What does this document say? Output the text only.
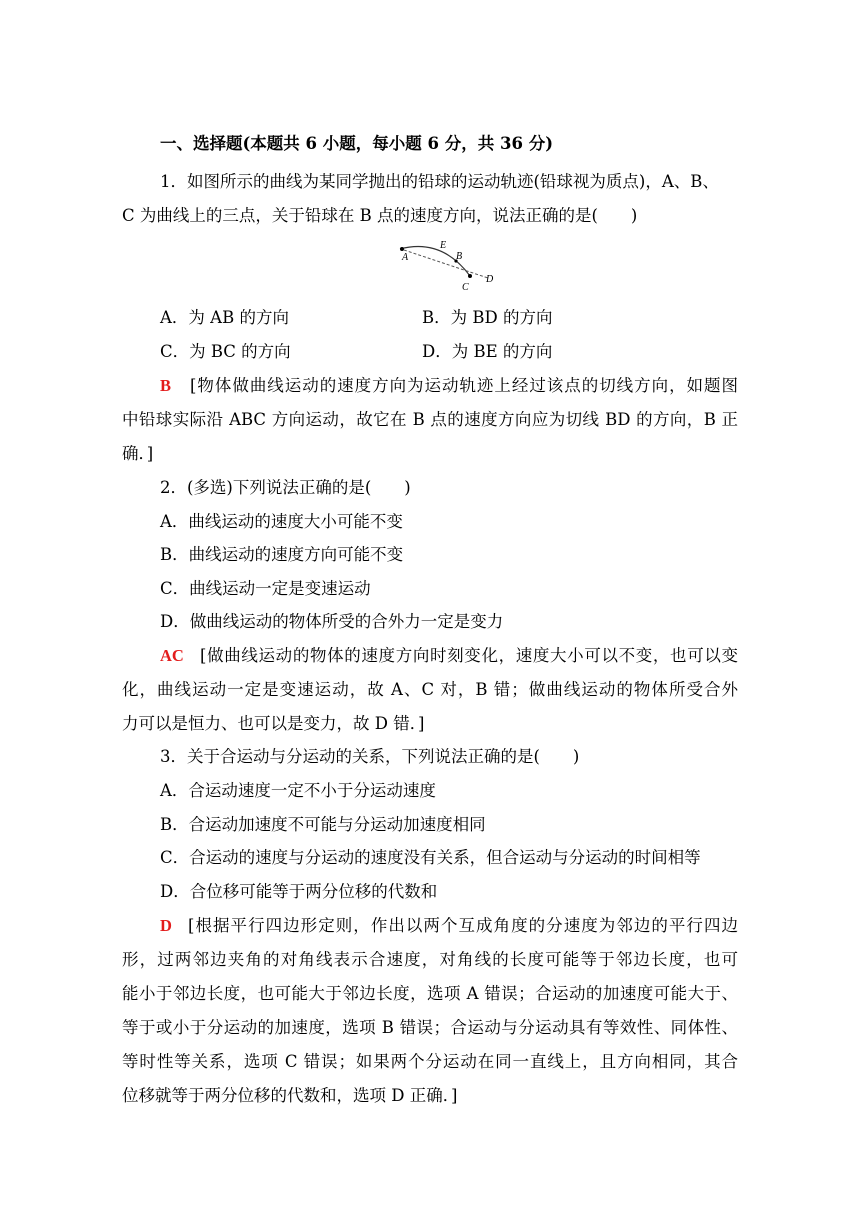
一、选择题(本题共 6 小题，每小题 6 分，共 36 分)
1．如图所示的曲线为某同学抛出的铅球的运动轨迹(铅球视为质点)，A、B、
C 为曲线上的三点，关于铅球在 B 点的速度方向，说法正确的是(　　)
A
E
B
C
D
A．为 AB 的方向	B．为 BD 的方向
C．为 BC 的方向	D．为 BE 的方向
B [物体做曲线运动的速度方向为运动轨迹上经过该点的切线方向，如题图
中铅球实际沿 ABC 方向运动，故它在 B 点的速度方向应为切线 BD 的方向，B 正
确．]
2．(多选)下列说法正确的是(　　)
A．曲线运动的速度大小可能不变
B．曲线运动的速度方向可能不变
C．曲线运动一定是变速运动
D．做曲线运动的物体所受的合外力一定是变力
AC [做曲线运动的物体的速度方向时刻变化，速度大小可以不变，也可以变
化，曲线运动一定是变速运动，故 A、C 对，B 错；做曲线运动的物体所受合外
力可以是恒力、也可以是变力，故 D 错．]
3．关于合运动与分运动的关系，下列说法正确的是(　　)
A．合运动速度一定不小于分运动速度
B．合运动加速度不可能与分运动加速度相同
C．合运动的速度与分运动的速度没有关系，但合运动与分运动的时间相等
D．合位移可能等于两分位移的代数和
D [根据平行四边形定则，作出以两个互成角度的分速度为邻边的平行四边
形，过两邻边夹角的对角线表示合速度，对角线的长度可能等于邻边长度，也可
能小于邻边长度，也可能大于邻边长度，选项 A 错误；合运动的加速度可能大于、
等于或小于分运动的加速度，选项 B 错误；合运动与分运动具有等效性、同体性、
等时性等关系，选项 C 错误；如果两个分运动在同一直线上，且方向相同，其合
位移就等于两分位移的代数和，选项 D 正确．]
